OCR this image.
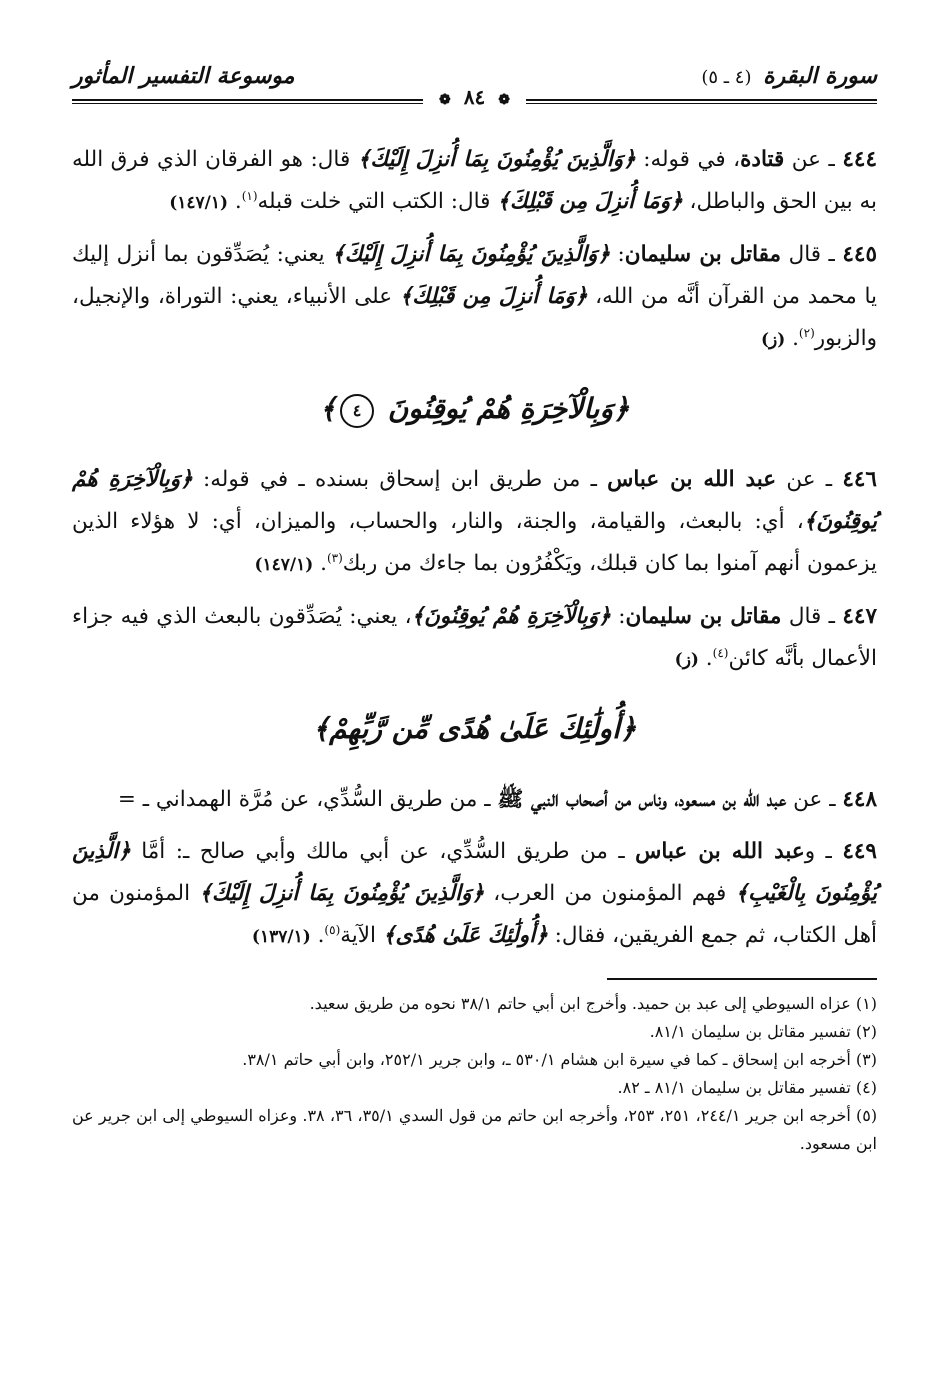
سورة البقرة (٤ ـ ٥)
موسوعة التفسير المأثور
❁ ٨٤ ❁

٤٤٤ ـ عن قتادة، في قوله: ﴿وَالَّذِينَ يُؤْمِنُونَ بِمَا أُنزِلَ إِلَيْكَ﴾ قال: هو الفرقان الذي فرق الله به بين الحق والباطل، ﴿وَمَا أُنزِلَ مِن قَبْلِكَ﴾ قال: الكتب التي خلت قبله$^{(١)}$. (١٤٧/١)

٤٤٥ ـ قال مقاتل بن سليمان: ﴿وَالَّذِينَ يُؤْمِنُونَ بِمَا أُنزِلَ إِلَيْكَ﴾ يعني: يُصَدِّقون بما أنزل إليك يا محمد من القرآن أنَّه من الله، ﴿وَمَا أُنزِلَ مِن قَبْلِكَ﴾ على الأنبياء، يعني: التوراة، والإنجيل، والزبور$^{(٢)}$. (ز)

﴿وَبِالْآخِرَةِ هُمْ يُوقِنُونَ ٤﴾

٤٤٦ ـ عن عبد الله بن عباس ـ من طريق ابن إسحاق بسنده ـ في قوله: ﴿وَبِالْآخِرَةِ هُمْ يُوقِنُونَ﴾، أي: بالبعث، والقيامة، والجنة، والنار، والحساب، والميزان، أي: لا هؤلاء الذين يزعمون أنهم آمنوا بما كان قبلك، ويَكْفُرُون بما جاءك من ربك$^{(٣)}$. (١٤٧/١)

٤٤٧ ـ قال مقاتل بن سليمان: ﴿وَبِالْآخِرَةِ هُمْ يُوقِنُونَ﴾، يعني: يُصَدِّقون بالبعث الذي فيه جزاء الأعمال بأنَّه كائن$^{(٤)}$. (ز)

﴿أُولَٰئِكَ عَلَىٰ هُدًى مِّن رَّبِّهِمْ﴾

٤٤٨ ـ عن عبد الله بن مسعود، وناس من أصحاب النبي ﷺ ـ من طريق السُّدِّي، عن مُرَّة الهمداني ـ =

٤٤٩ ـ وعبد الله بن عباس ـ من طريق السُّدِّي، عن أبي مالك وأبي صالح ـ: أمَّا ﴿الَّذِينَ يُؤْمِنُونَ بِالْغَيْبِ﴾ فهم المؤمنون من العرب، ﴿وَالَّذِينَ يُؤْمِنُونَ بِمَا أُنزِلَ إِلَيْكَ﴾ المؤمنون من أهل الكتاب، ثم جمع الفريقين، فقال: ﴿أُولَٰئِكَ عَلَىٰ هُدًى﴾ الآية$^{(٥)}$. (١٣٧/١)

(١) عزاه السيوطي إلى عبد بن حميد. وأخرج ابن أبي حاتم ٣٨/١ نحوه من طريق سعيد.

(٢) تفسير مقاتل بن سليمان ٨١/١.

(٣) أخرجه ابن إسحاق ـ كما في سيرة ابن هشام ٥٣٠/١ ـ، وابن جرير ٢٥٢/١، وابن أبي حاتم ٣٨/١.

(٤) تفسير مقاتل بن سليمان ٨١/١ ـ ٨٢.

(٥) أخرجه ابن جرير ٢٤٤/١، ٢٥١، ٢٥٣، وأخرجه ابن حاتم من قول السدي ٣٥/١، ٣٦، ٣٨. وعزاه السيوطي إلى ابن جرير عن ابن مسعود.
